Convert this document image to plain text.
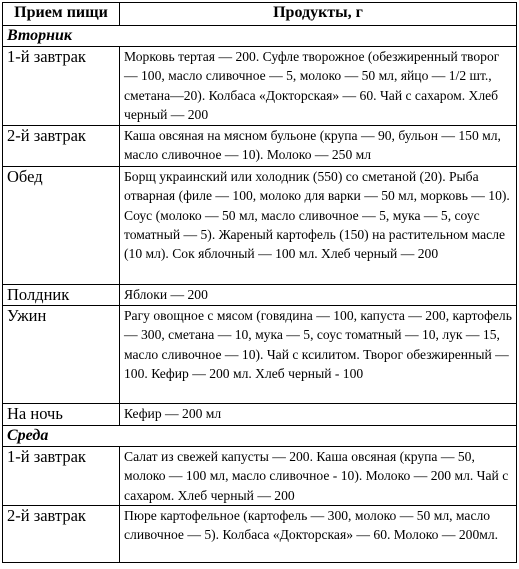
Прием пищи	Продукты, г
Вторник	
1-й завтрак	Морковь тертая — 200. Суфле творожное (обезжиренный творог — 100, масло сливочное — 5, молоко — 50 мл, яйцо — 1/2 шт., сметана—20). Колбаса «Докторская» — 60. Чай с сахаром. Хлеб черный — 200
2-й завтрак	Каша овсяная на мясном бульоне (крупа — 90, бульон — 150 мл, масло сливочное — 10). Молоко — 250 мл
Обед	Борщ украинский или холодник (550) со сметаной (20). Рыба отварная (филе — 100, молоко для варки — 50 мл, морковь — 10). Соус (молоко — 50 мл, масло сливочное — 5, мука — 5, соус томатный — 5). Жареный картофель (150) на растительном масле (10 мл). Сок яблочный — 100 мл. Хлеб черный — 200
Полдник	Яблоки — 200
Ужин	Рагу овощное с мясом (говядина — 100, капуста — 200, картофель — 300, сметана — 10, мука — 5, соус томатный — 10, лук — 15, масло сливочное — 10). Чай с ксилитом. Творог обезжиренный — 100. Кефир — 200 мл. Хлеб черный - 100
На ночь	Кефир — 200 мл
Среда	
1-й завтрак	Салат из свежей капусты — 200. Каша овсяная (крупа — 50, молоко — 100 мл, масло сливочное - 10). Молоко — 200 мл. Чай с сахаром. Хлеб черный — 200
2-й завтрак	Пюре картофельное (картофель — 300, молоко — 50 мл, масло сливочное — 5). Колбаса «Докторская» — 60. Молоко — 200мл.
